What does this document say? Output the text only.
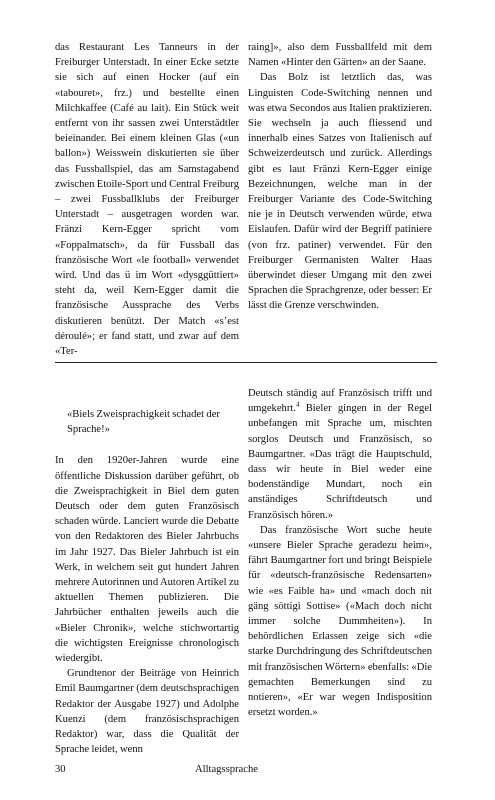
das Restaurant Les Tanneurs in der Freiburger Unterstadt. In einer Ecke setzte sie sich auf einen Hocker (auf ein «tabouret», frz.) und bestellte einen Milchkaffee (Café au lait). Ein Stück weit entfernt von ihr sassen zwei Unterstädtler beieinander. Bei einem kleinen Glas («un ballon») Weisswein diskutierten sie über das Fussballspiel, das am Samstagabend zwischen Etoile-Sport und Central Freiburg – zwei Fussballklubs der Freiburger Unterstadt – ausgetragen worden war. Fränzi Kern-Egger spricht vom «Foppalmatsch», da für Fussball das französische Wort «le football» verwendet wird. Und das ü im Wort «dysggüttiert» steht da, weil Kern-Egger damit die französische Aussprache des Verbs diskutieren benützt. Der Match «s’est déroulé»; er fand statt, und zwar auf dem «Ter-

raing]», also dem Fussballfeld mit dem Namen «Hinter den Gärten» an der Saane.

Das Bolz ist letztlich das, was Linguisten Code-Switching nennen und was etwa Secondos aus Italien praktizieren. Sie wechseln ja auch fliessend und innerhalb eines Satzes von Italienisch auf Schweizerdeutsch und zurück. Allerdings gibt es laut Fränzi Kern-Egger einige Bezeichnungen, welche man in der Freiburger Variante des Code-Switching nie je in Deutsch verwenden würde, etwa Eislaufen. Dafür wird der Begriff patiniere (von frz. patiner) verwendet. Für den Freiburger Germanisten Walter Haas überwindet dieser Umgang mit den zwei Sprachen die Sprachgrenze, oder besser: Er lässt die Grenze verschwinden.

«Biels Zweisprachigkeit schadet der Sprache!»

In den 1920er-Jahren wurde eine öffentliche Diskussion darüber geführt, ob die Zweisprachigkeit in Biel dem guten Deutsch oder dem guten Französisch schaden würde. Lanciert wurde die Debatte von den Redaktoren des Bieler Jahrbuchs im Jahr 1927. Das Bieler Jahrbuch ist ein Werk, in welchem seit gut hundert Jahren mehrere Autorinnen und Autoren Artikel zu aktuellen Themen publizieren. Die Jahrbücher enthalten jeweils auch die «Bieler Chronik», welche stichwortartig die wichtigsten Ereignisse chronologisch wiedergibt.

Grundtenor der Beiträge von Heinrich Emil Baumgartner (dem deutschsprachigen Redaktor der Ausgabe 1927) und Adolphe Kuenzi (dem französischsprachigen Redaktor) war, dass die Qualität der Sprache leidet, wenn

Deutsch ständig auf Französisch trifft und umgekehrt.$^4$ Bieler gingen in der Regel unbefangen mit Sprache um, mischten sorglos Deutsch und Französisch, so Baumgartner. «Das trägt die Hauptschuld, dass wir heute in Biel weder eine bodenständige Mundart, noch ein anständiges Schriftdeutsch und Französisch hören.»

Das französische Wort suche heute «unsere Bieler Sprache geradezu heim», fährt Baumgartner fort und bringt Beispiele für «deutsch-französische Redensarten» wie «es Faible ha» und «mach doch nit gäng söttigi Sottise» («Mach doch nicht immer solche Dummheiten»). In behördlichen Erlassen zeige sich «die starke Durchdringung des Schriftdeutschen mit französischen Wörtern» ebenfalls: «Die gemachten Bemerkungen sind zu notieren», «Er war wegen Indisposition ersetzt worden.»

30	Alltagssprache
